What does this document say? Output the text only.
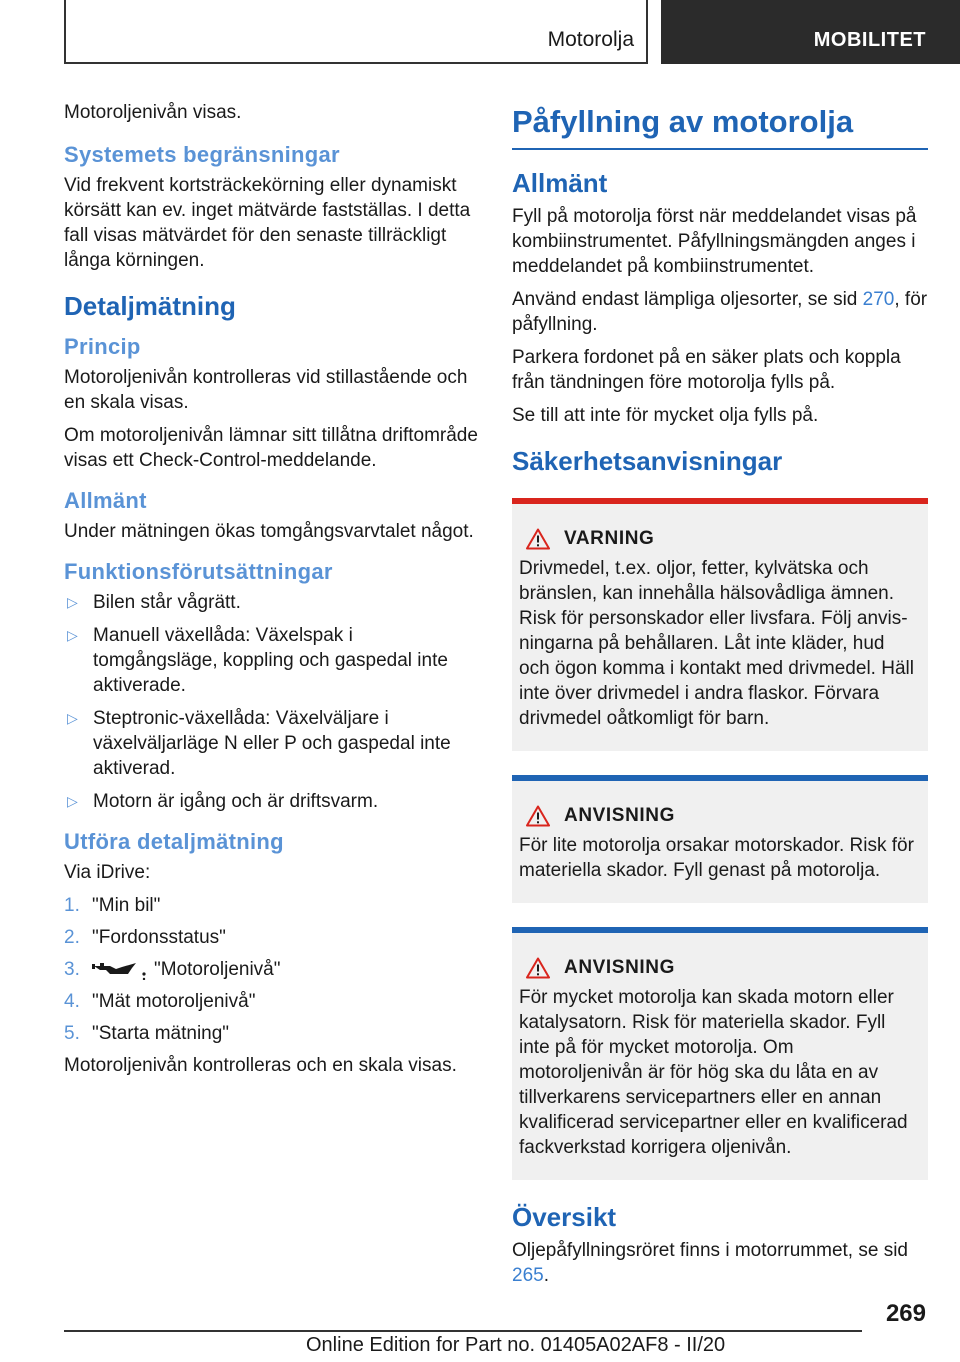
Motorolja	MOBILITET

Motoroljenivån visas.

Systemets begränsningar

Vid frekvent kortsträckekörning eller dynamiskt körsätt kan ev. inget mätvärde fastställas. I detta fall visas mätvärdet för den senaste tillräckligt långa körningen.

Detaljmätning
Princip

Motoroljenivån kontrolleras vid stillastående och en skala visas.

Om motoroljenivån lämnar sitt tillåtna driftområde visas ett Check-Control-meddelande.

Allmänt

Under mätningen ökas tomgångsvarvtalet något.

Funktionsförutsättningar
▷ Bilen står vågrätt.
▷ Manuell växellåda: Växelspak i tomgångsläge, koppling och gaspedal inte aktiverade.
▷ Steptronic-växellåda: Växelväljare i växelväljarläge N eller P och gaspedal inte aktiverad.
▷ Motorn är igång och är driftsvarm.
Utföra detaljmätning

Via iDrive:

1. "Min bil"
2. "Fordonsstatus"
3.	"Motoroljenivå"
4. "Mät motoroljenivå"
5. "Starta mätning"

Motoroljenivån kontrolleras och en skala visas.

Påfyllning av motorolja
Allmänt

Fyll på motorolja först när meddelandet visas på kombiinstrumentet. Påfyllningsmängden anges i meddelandet på kombiinstrumentet.

Använd endast lämpliga oljesorter, se sid 270, för påfyllning.

Parkera fordonet på en säker plats och koppla från tändningen före motorolja fylls på.

Se till att inte för mycket olja fylls på.

Säkerhetsanvisningar
VARNING

Drivmedel, t.ex. oljor, fetter, kylvätska och bränslen, kan innehålla hälsovådliga ämnen. Risk för personskador eller livsfara. Följ anvisningarna på behållaren. Låt inte kläder, hud och ögon komma i kontakt med drivmedel. Häll inte över drivmedel i andra flaskor. Förvara drivmedel oåtkomligt för barn.

ANVISNING

För lite motorolja orsakar motorskador. Risk för materiella skador. Fyll genast på motorolja.

ANVISNING

För mycket motorolja kan skada motorn eller katalysatorn. Risk för materiella skador. Fyll inte på för mycket motorolja. Om motoroljenivån är för hög ska du låta en av tillverkarens servicepartners eller en annan kvalificerad servicepartner eller en kvalificerad fackverkstad korrigera oljenivån.

Översikt

Oljepåfyllningsröret finns i motorrummet, se sid 265.

269
Online Edition for Part no. 01405A02AF8 - II/20
